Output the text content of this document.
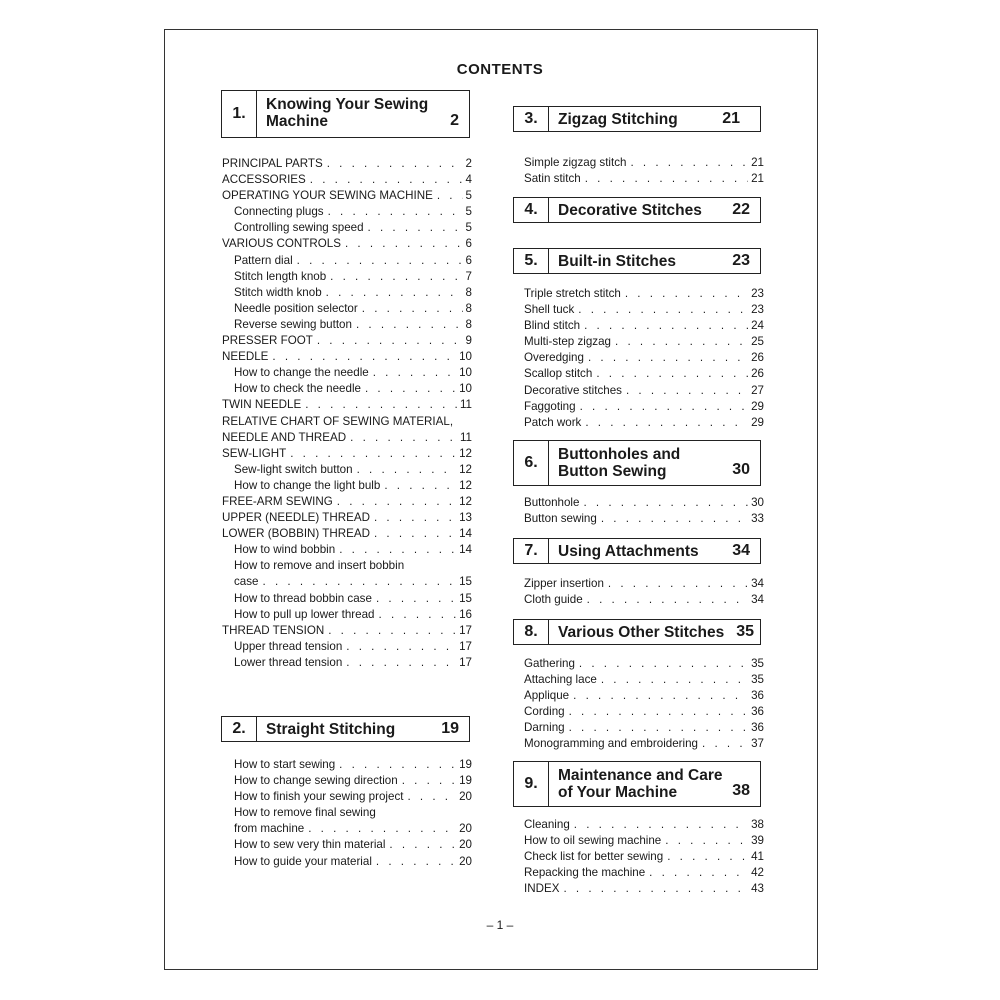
CONTENTS
1.
Knowing Your Sewing Machine	2
PRINCIPAL PARTS . . .	2
ACCESSORIES . . .	4
OPERATING YOUR SEWING MACHINE . . .	5
Connecting plugs . . .	5
Controlling sewing speed . . .	5
VARIOUS CONTROLS . . .	6
Pattern dial . . .	6
Stitch length knob . . .	7
Stitch width knob . . .	8
Needle position selector . . .	8
Reverse sewing button . . .	8
PRESSER FOOT . . .	9
NEEDLE . . .	10
How to change the needle . . .	10
How to check the needle . . .	10
TWIN NEEDLE . . .	11
RELATIVE CHART OF SEWING MATERIAL,
NEEDLE AND THREAD . . .	11
SEW-LIGHT . . .	12
Sew-light switch button . . .	12
How to change the light bulb . . .	12
FREE-ARM SEWING . . .	12
UPPER (NEEDLE) THREAD . . .	13
LOWER (BOBBIN) THREAD . . .	14
How to wind bobbin . . .	14
How to remove and insert bobbin
case . . .	15
How to thread bobbin case . . .	15
How to pull up lower thread . . .	16
THREAD TENSION . . .	17
Upper thread tension . . .	17
Lower thread tension . . .	17
2.	Straight Stitching	19
How to start sewing . . .	19
How to change sewing direction . . .	19
How to finish your sewing project . . .	20
How to remove final sewing
from machine . . .	20
How to sew very thin material . . .	20
How to guide your material . . .	20
3.	Zigzag Stitching	21
Simple zigzag stitch . . .	21
Satin stitch . . .	21
4.	Decorative Stitches 22
5.	Built-in Stitches	23
Triple stretch stitch . . .	23
Shell tuck . . .	23
Blind stitch . . .	24
Multi-step zigzag . . .	25
Overedging . . .	26
Scallop stitch . . .	26
Decorative stitches . . .	27
Faggoting . . .	29
Patch work . . .	29
6.	Buttonholes and Button Sewing	30
Buttonhole . . .	30
Button sewing . . .	33
7.	Using Attachments 34
Zipper insertion . . .	34
Cloth guide . . .	34
8.	Various Other Stitches 35
Gathering . . .	35
Attaching lace . . .	35
Applique . . .	36
Cording . . .	36
Darning . . .	36
Monogramming and embroidering . . .	37
9.	Maintenance and Care of Your Machine	38
Cleaning . . .	38
How to oil sewing machine . . .	39
Check list for better sewing . . .	41
Repacking the machine . . .	42
INDEX . . .	43
– 1 –
